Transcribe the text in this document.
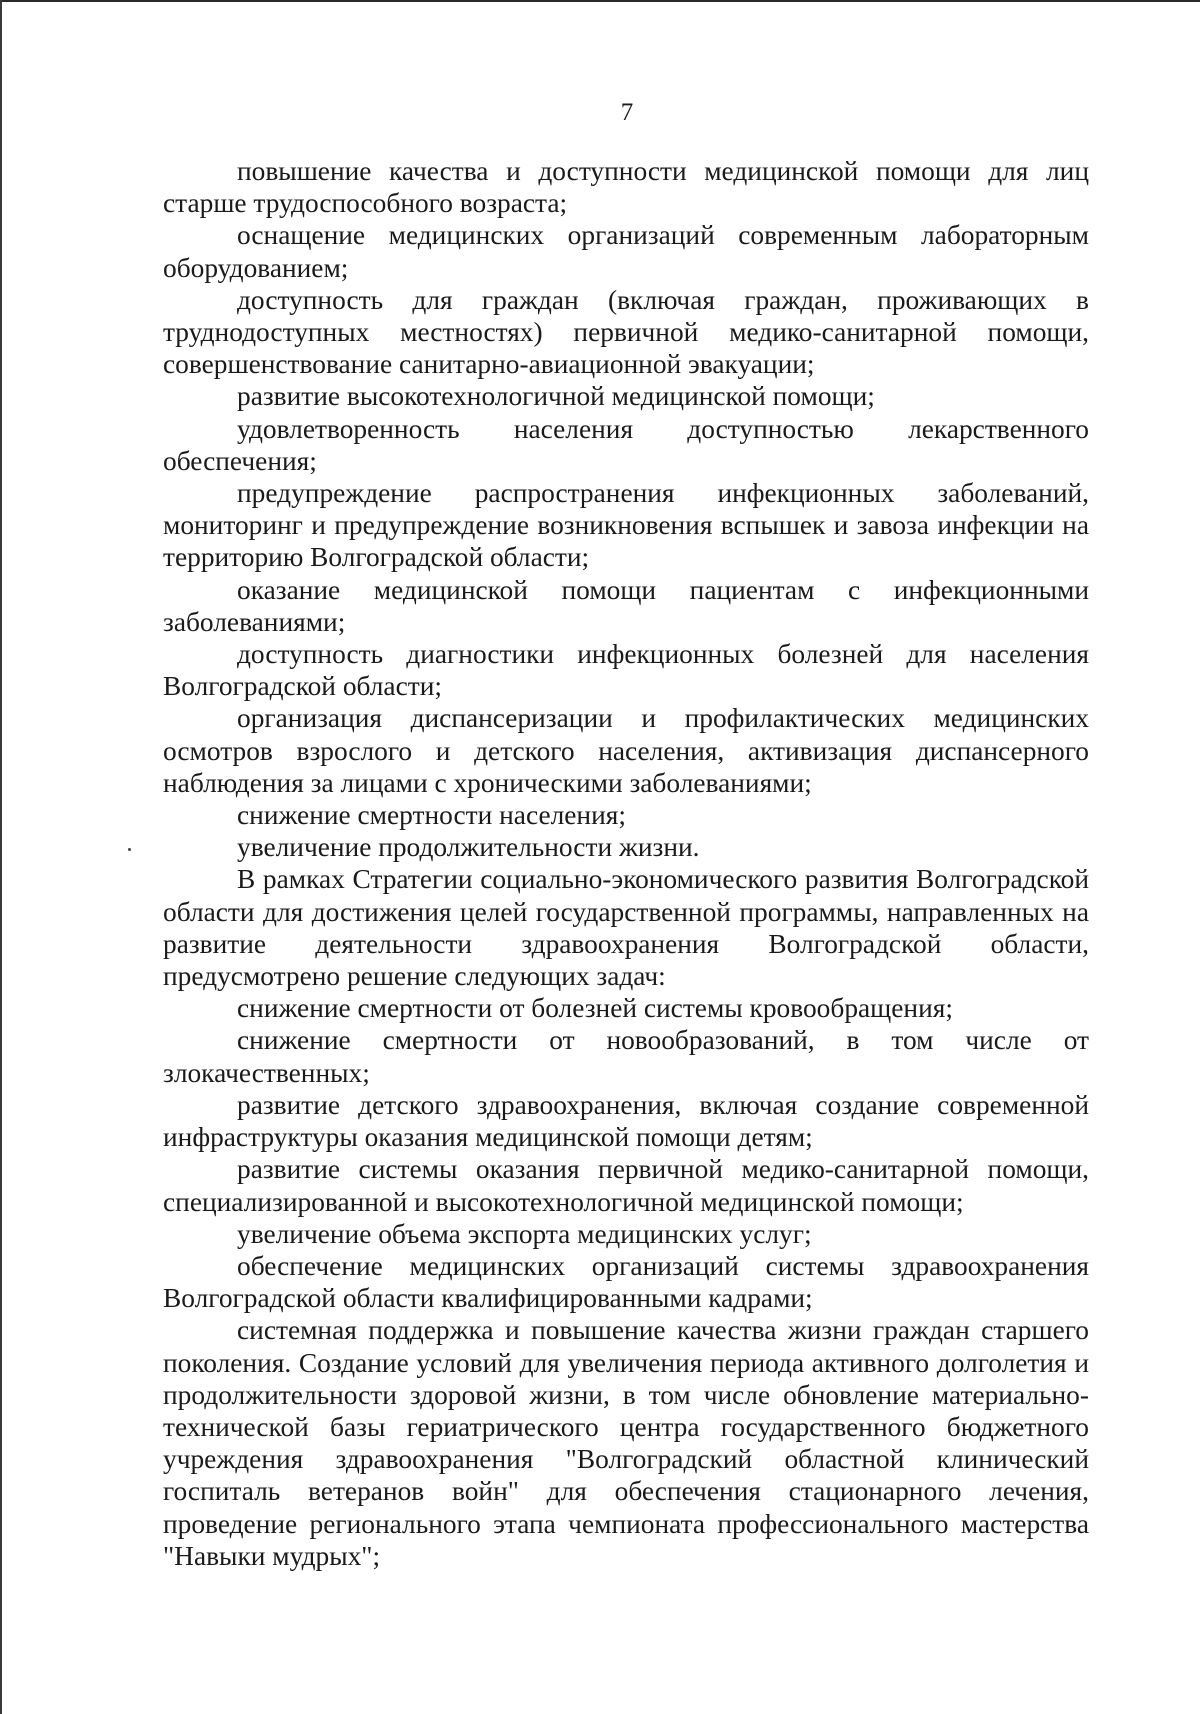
7

повышение качества и доступности медицинской помощи для лиц старше трудоспособного возраста;

оснащение медицинских организаций современным лабораторным оборудованием;

доступность для граждан (включая граждан, проживающих в труднодоступных местностях) первичной медико-санитарной помощи, совершенствование санитарно-авиационной эвакуации;

развитие высокотехнологичной медицинской помощи;

удовлетворенность населения доступностью лекарственного обеспечения;

предупреждение распространения инфекционных заболеваний, мониторинг и предупреждение возникновения вспышек и завоза инфекции на территорию Волгоградской области;

оказание медицинской помощи пациентам с инфекционными заболеваниями;

доступность диагностики инфекционных болезней для населения Волгоградской области;

организация диспансеризации и профилактических медицинских осмотров взрослого и детского населения, активизация диспансерного наблюдения за лицами с хроническими заболеваниями;

снижение смертности населения;

увеличение продолжительности жизни.

В рамках Стратегии социально-экономического развития Волгоградской области для достижения целей государственной программы, направленных на развитие деятельности здравоохранения Волгоградской области, предусмотрено решение следующих задач:

снижение смертности от болезней системы кровообращения;

снижение смертности от новообразований, в том числе от злокачественных;

развитие детского здравоохранения, включая создание современной инфраструктуры оказания медицинской помощи детям;

развитие системы оказания первичной медико-санитарной помощи, специализированной и высокотехнологичной медицинской помощи;

увеличение объема экспорта медицинских услуг;

обеспечение медицинских организаций системы здравоохранения Волгоградской области квалифицированными кадрами;

системная поддержка и повышение качества жизни граждан старшего поколения. Создание условий для увеличения периода активного долголетия и продолжительности здоровой жизни, в том числе обновление материально-технической базы гериатрического центра государственного бюджетного учреждения здравоохранения "Волгоградский областной клинический госпиталь ветеранов войн" для обеспечения стационарного лечения, проведение регионального этапа чемпионата профессионального мастерства "Навыки мудрых";
